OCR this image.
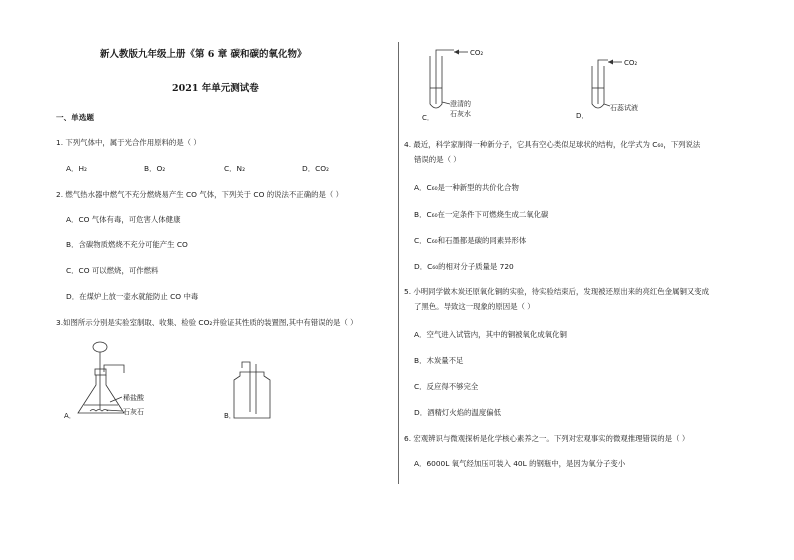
新人教版九年级上册《第 6 章 碳和碳的氧化物》
2021 年单元测试卷
一、单选题
1. 下列气体中，属于光合作用原料的是（ ）
A．H₂	B．O₂	C．N₂	D．CO₂
2. 燃气热水器中燃气不充分燃烧易产生 CO 气体，下列关于 CO 的说法不正确的是（ ）
A．CO 气体有毒，可危害人体健康
B．含碳物质燃烧不充分可能产生 CO
C．CO 可以燃烧，可作燃料
D．在煤炉上放一壶水就能防止 CO 中毒
3.如图所示分别是实验室制取、收集、检验 CO₂并验证其性质的装置图,其中有错误的是（ ）
A．
稀盐酸
石灰石	B．
CO₂
澄清的
石灰水
C．
CO₂
石蕊试液
D．
4. 最近，科学家制得一种新分子，它具有空心类似足球状的结构，化学式为 C₆₀，下列说法
错误的是（ ）
A．C₆₀是一种新型的共价化合物
B．C₆₀在一定条件下可燃烧生成二氧化碳
C．C₆₀和石墨都是碳的同素异形体
D．C₆₀的相对分子质量是 720
5. 小明同学做木炭还原氧化铜的实验，待实验结束后，发现被还原出来的亮红色金属铜又变成
了黑色。导致这一现象的原因是（ ）
A．空气进入试管内，其中的铜被氧化成氧化铜
B．木炭量不足
C．反应得不够完全
D．酒精灯火焰的温度偏低
6. 宏观辨识与微观探析是化学核心素养之一。下列对宏观事实的微观推理错误的是（ ）
A．6000L 氧气经加压可装入 40L 的钢瓶中，是因为氧分子变小
